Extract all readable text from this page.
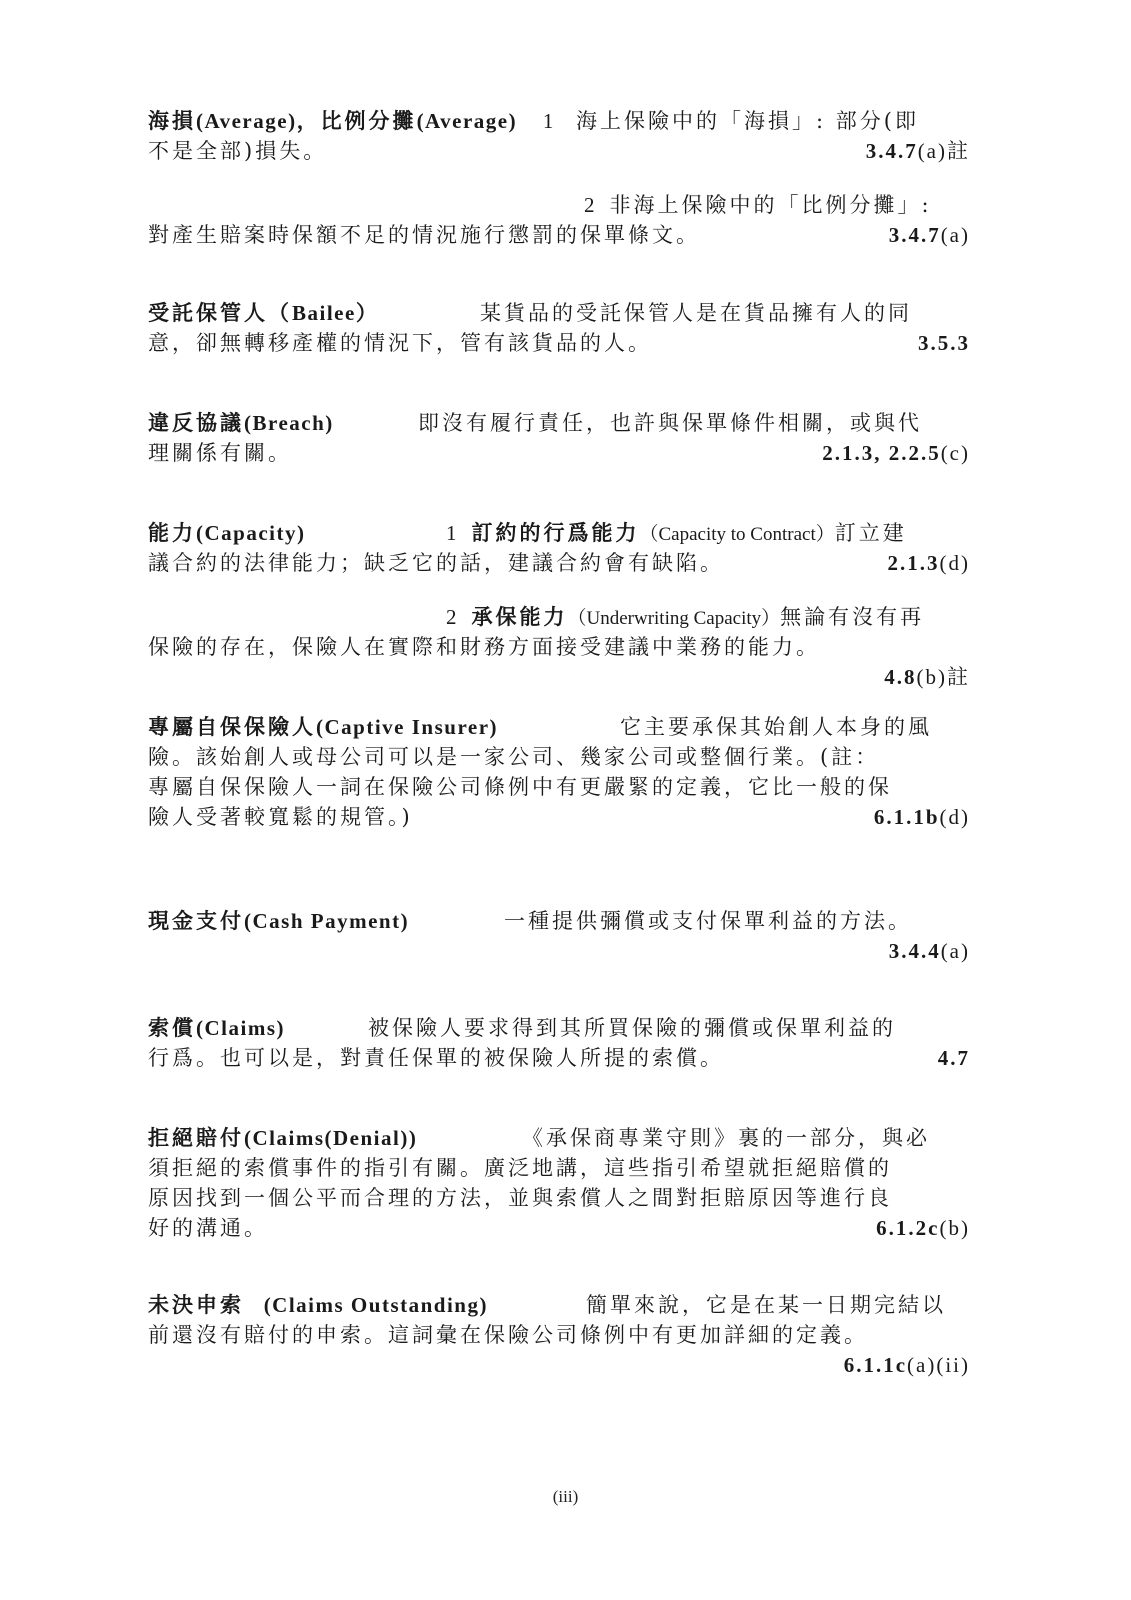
海損(Average)，比例分攤(Average) 1 海上保險中的「海損」: 部分(即
不是全部)損失。	3.4.7(a)註
2 非海上保險中的「比例分攤」:
對產生賠案時保額不足的情況施行懲罰的保單條文。	3.4.7(a)
受託保管人（Bailee）	某貨品的受託保管人是在貨品擁有人的同
意，卻無轉移產權的情況下，管有該貨品的人。	3.5.3
違反協議(Breach)	即沒有履行責任，也許與保單條件相關，或與代
理關係有關。	2.1.3, 2.2.5(c)
能力(Capacity)	1 訂約的行爲能力（Capacity to Contract）訂立建
議合約的法律能力；缺乏它的話，建議合約會有缺陷。	2.1.3(d)
2 承保能力（Underwriting Capacity）無論有沒有再
保險的存在，保險人在實際和財務方面接受建議中業務的能力。
4.8(b)註
專屬自保保險人(Captive Insurer)	它主要承保其始創人本身的風
險。該始創人或母公司可以是一家公司、幾家公司或整個行業。(註：
專屬自保保險人一詞在保險公司條例中有更嚴緊的定義，它比一般的保
險人受著較寬鬆的規管。)	6.1.1b(d)
現金支付(Cash Payment)	一種提供彌償或支付保單利益的方法。
3.4.4(a)
索償(Claims)	被保險人要求得到其所買保險的彌償或保單利益的
行爲。也可以是，對責任保單的被保險人所提的索償。	4.7
拒絕賠付(Claims(Denial))	《承保商專業守則》裏的一部分，與必
須拒絕的索償事件的指引有關。廣泛地講，這些指引希望就拒絕賠償的
原因找到一個公平而合理的方法，並與索償人之間對拒賠原因等進行良
好的溝通。	6.1.2c(b)
未決申索 (Claims Outstanding)	簡單來說，它是在某一日期完結以
前還沒有賠付的申索。這詞彙在保險公司條例中有更加詳細的定義。
6.1.1c(a)(ii)
(iii)
